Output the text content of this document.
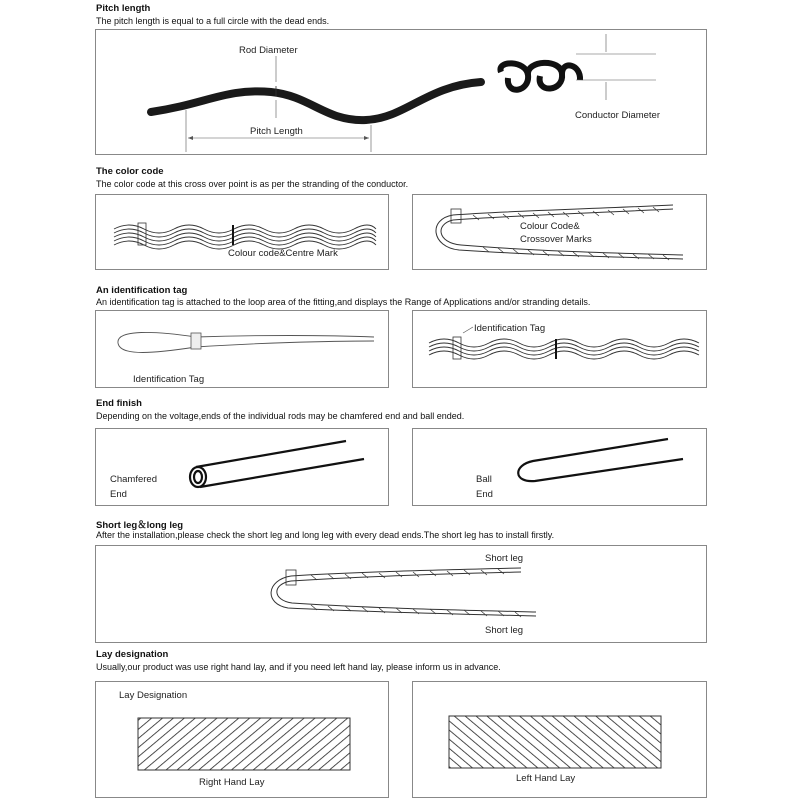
Pitch length
The pitch length is equal to a full circle with the dead ends.
Rod Diameter
Pitch Length
Conductor Diameter
The color code
The color code at this cross over point is as per the stranding of the conductor.
Colour code&Centre Mark
Colour Code&
Crossover Marks
An identification tag
An identification tag is attached to the loop area of the fitting,and displays the Range of Applications and/or stranding details.
Identification Tag
Identification Tag
End finish
Depending on the voltage,ends of the individual rods may be chamfered end and ball ended.
Chamfered
End
Ball
End
Short leg＆long leg
After the installation,please check the short leg and long leg with every dead ends.The short leg has to install firstly.
Short leg
Short leg
Lay designation
Usually,our product was use right hand lay, and if you need left hand lay, please inform us in advance.
Lay Designation
Right Hand Lay	Left Hand Lay
